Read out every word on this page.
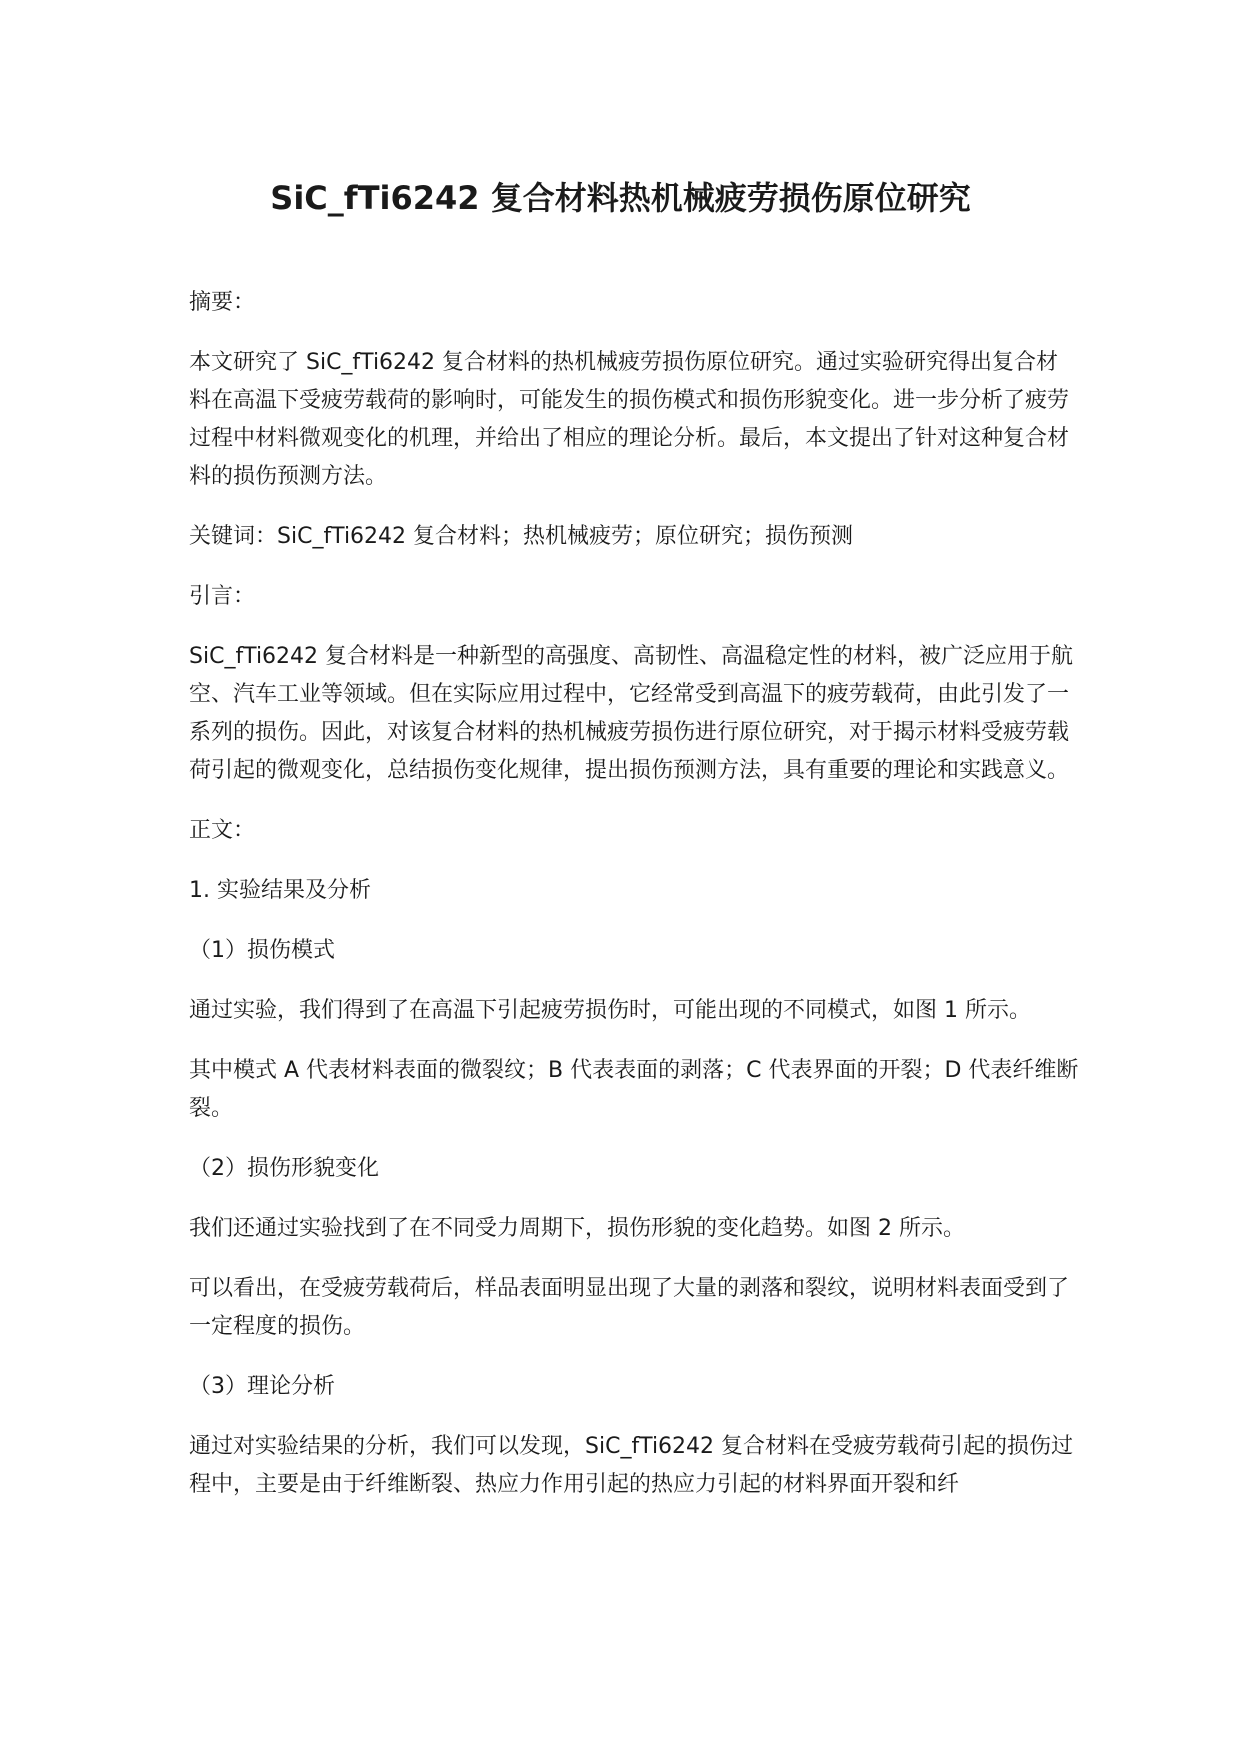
SiC_fTi6242 复合材料热机械疲劳损伤原位研究

摘要：

本文研究了 SiC_fTi6242 复合材料的热机械疲劳损伤原位研究。通过实验研究得出复合材料在高温下受疲劳载荷的影响时，可能发生的损伤模式和损伤形貌变化。进一步分析了疲劳过程中材料微观变化的机理，并给出了相应的理论分析。最后，本文提出了针对这种复合材料的损伤预测方法。

关键词：SiC_fTi6242 复合材料；热机械疲劳；原位研究；损伤预测

引言：

SiC_fTi6242 复合材料是一种新型的高强度、高韧性、高温稳定性的材料，被广泛应用于航空、汽车工业等领域。但在实际应用过程中，它经常受到高温下的疲劳载荷，由此引发了一系列的损伤。因此，对该复合材料的热机械疲劳损伤进行原位研究，对于揭示材料受疲劳载荷引起的微观变化，总结损伤变化规律，提出损伤预测方法，具有重要的理论和实践意义。

正文：

1. 实验结果及分析

（1）损伤模式

通过实验，我们得到了在高温下引起疲劳损伤时，可能出现的不同模式，如图 1 所示。

其中模式 A 代表材料表面的微裂纹；B 代表表面的剥落；C 代表界面的开裂；D 代表纤维断裂。

（2）损伤形貌变化

我们还通过实验找到了在不同受力周期下，损伤形貌的变化趋势。如图 2 所示。

可以看出，在受疲劳载荷后，样品表面明显出现了大量的剥落和裂纹，说明材料表面受到了一定程度的损伤。

（3）理论分析

通过对实验结果的分析，我们可以发现，SiC_fTi6242 复合材料在受疲劳载荷引起的损伤过程中，主要是由于纤维断裂、热应力作用引起的热应力引起的材料界面开裂和纤
